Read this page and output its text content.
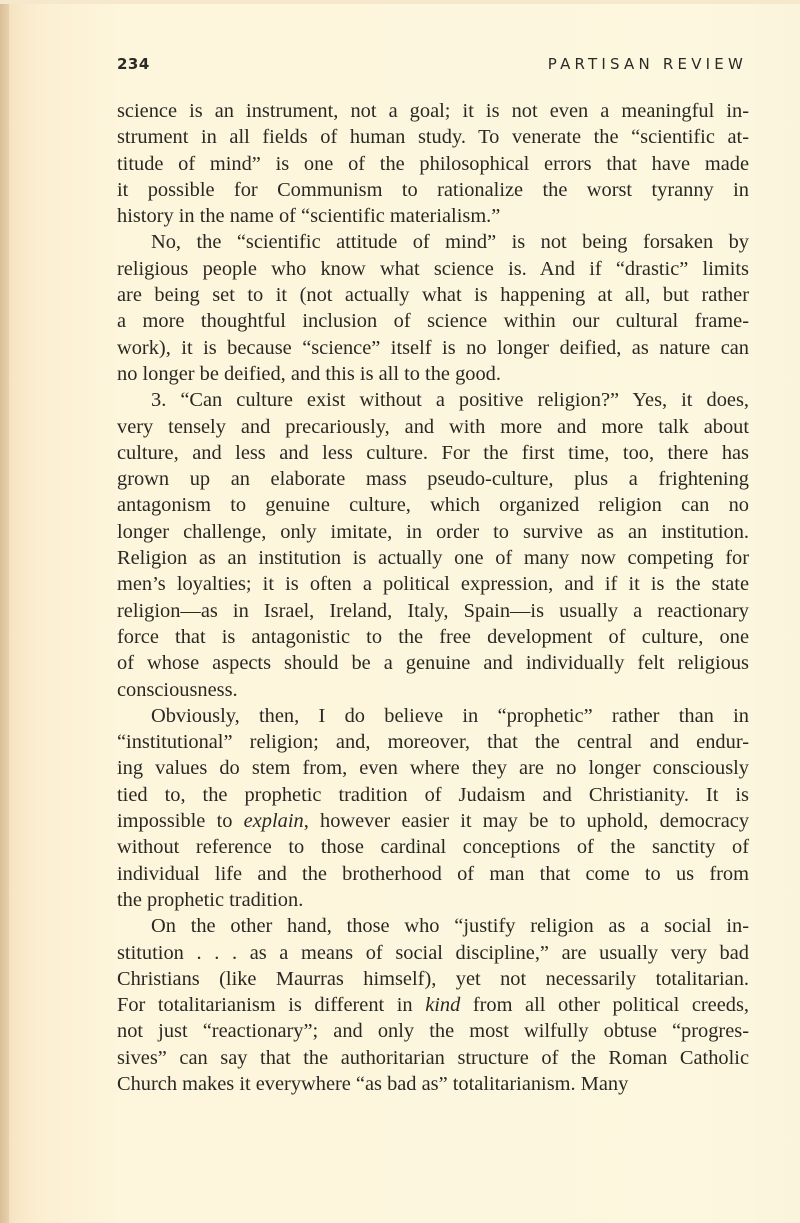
234	PARTISAN REVIEW
science is an instrument, not a goal; it is not even a meaningful in-
strument in all fields of human study. To venerate the “scientific at-
titude of mind” is one of the philosophical errors that have made
it possible for Communism to rationalize the worst tyranny in
history in the name of “scientific materialism.”
No, the “scientific attitude of mind” is not being forsaken by
religious people who know what science is. And if “drastic” limits
are being set to it (not actually what is happening at all, but rather
a more thoughtful inclusion of science within our cultural frame-
work), it is because “science” itself is no longer deified, as nature can
no longer be deified, and this is all to the good.
3. “Can culture exist without a positive religion?” Yes, it does,
very tensely and precariously, and with more and more talk about
culture, and less and less culture. For the first time, too, there has
grown up an elaborate mass pseudo-culture, plus a frightening
antagonism to genuine culture, which organized religion can no
longer challenge, only imitate, in order to survive as an institution.
Religion as an institution is actually one of many now competing for
men’s loyalties; it is often a political expression, and if it is the state
religion—as in Israel, Ireland, Italy, Spain—is usually a reactionary
force that is antagonistic to the free development of culture, one
of whose aspects should be a genuine and individually felt religious
consciousness.
Obviously, then, I do believe in “prophetic” rather than in
“institutional” religion; and, moreover, that the central and endur-
ing values do stem from, even where they are no longer consciously
tied to, the prophetic tradition of Judaism and Christianity. It is
impossible to explain, however easier it may be to uphold, democracy
without reference to those cardinal conceptions of the sanctity of
individual life and the brotherhood of man that come to us from
the prophetic tradition.
On the other hand, those who “justify religion as a social in-
stitution . . . as a means of social discipline,” are usually very bad
Christians (like Maurras himself), yet not necessarily totalitarian.
For totalitarianism is different in kind from all other political creeds,
not just “reactionary”; and only the most wilfully obtuse “progres-
sives” can say that the authoritarian structure of the Roman Catholic
Church makes it everywhere “as bad as” totalitarianism. Many
